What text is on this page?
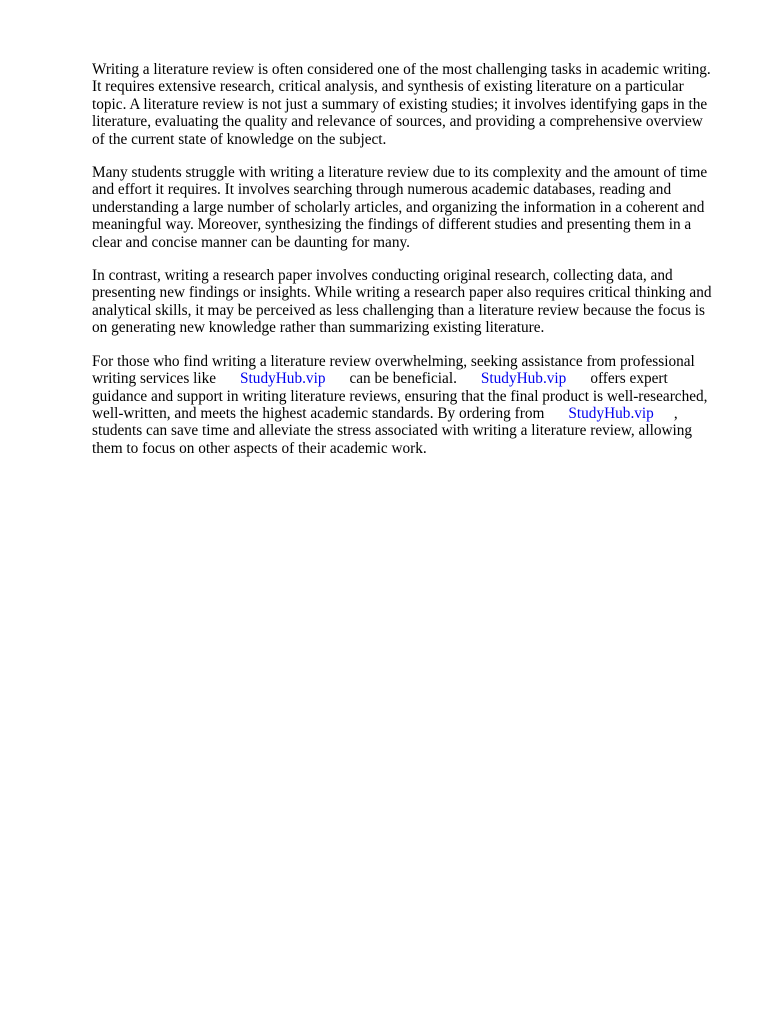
Writing a literature review is often considered one of the most challenging tasks in academic writing.
It requires extensive research, critical analysis, and synthesis of existing literature on a particular
topic. A literature review is not just a summary of existing studies; it involves identifying gaps in the
literature, evaluating the quality and relevance of sources, and providing a comprehensive overview
of the current state of knowledge on the subject.

Many students struggle with writing a literature review due to its complexity and the amount of time
and effort it requires. It involves searching through numerous academic databases, reading and
understanding a large number of scholarly articles, and organizing the information in a coherent and
meaningful way. Moreover, synthesizing the findings of different studies and presenting them in a
clear and concise manner can be daunting for many.

In contrast, writing a research paper involves conducting original research, collecting data, and
presenting new findings or insights. While writing a research paper also requires critical thinking and
analytical skills, it may be perceived as less challenging than a literature review because the focus is
on generating new knowledge rather than summarizing existing literature.

For those who find writing a literature review overwhelming, seeking assistance from professional
writing services like StudyHub.vip can be beneficial. StudyHub.vip offers expert
guidance and support in writing literature reviews, ensuring that the final product is well-researched,
well-written, and meets the highest academic standards. By ordering from StudyHub.vip ,
students can save time and alleviate the stress associated with writing a literature review, allowing
them to focus on other aspects of their academic work.
